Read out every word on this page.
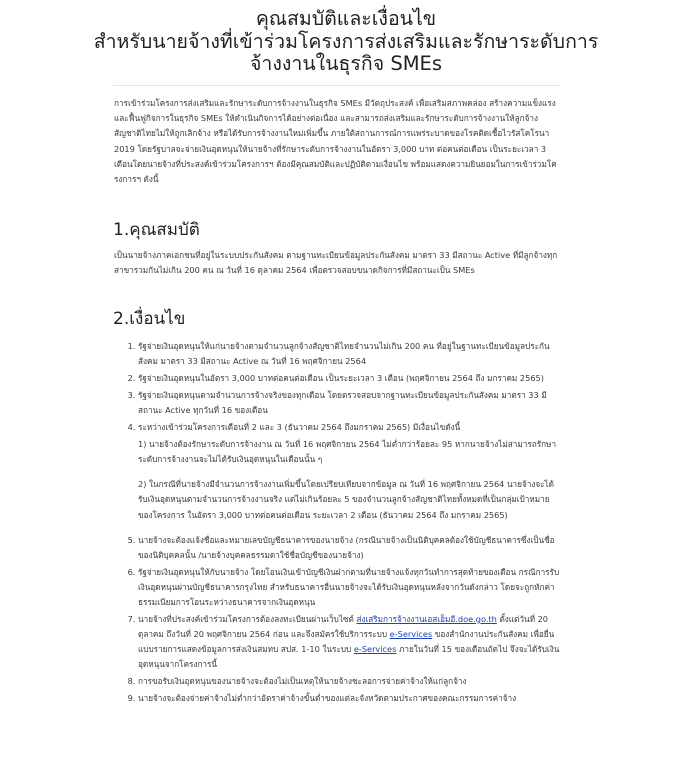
คุณสมบัติและเงื่อนไข
สำหรับนายจ้างที่เข้าร่วมโครงการส่งเสริมและรักษาระดับการ
จ้างงานในธุรกิจ SMEs
การเข้าร่วมโครงการส่งเสริมและรักษาระดับการจ้างงานในธุรกิจ SMEs มีวัตถุประสงค์ เพื่อเสริมสภาพคล่อง สร้างความแข็งแรงและฟื้นฟูกิจการในธุรกิจ SMEs ให้ดำเนินกิจการได้อย่างต่อเนื่อง และสามารถส่งเสริมและรักษาระดับการจ้างงานให้ลูกจ้างสัญชาติไทยไม่ให้ถูกเลิกจ้าง หรือได้รับการจ้างงานใหม่เพิ่มขึ้น ภายใต้สถานการณ์การแพร่ระบาดของโรคติดเชื้อไวรัสโคโรนา 2019 โดยรัฐบาลจะจ่ายเงินอุดหนุนให้นายจ้างที่รักษาระดับการจ้างงานในอัตรา 3,000 บาท ต่อคนต่อเดือน เป็นระยะเวลา 3 เดือนโดยนายจ้างที่ประสงค์เข้าร่วมโครงการฯ ต้องมีคุณสมบัติและปฏิบัติตามเงื่อนไข พร้อมแสดงความยินยอมในการเข้าร่วมโครงการฯ ดังนี้
1.คุณสมบัติ
เป็นนายจ้างภาคเอกชนที่อยู่ในระบบประกันสังคม ตามฐานทะเบียนข้อมูลประกันสังคม มาตรา 33 มีสถานะ Active ที่มีลูกจ้างทุกสาขารวมกันไม่เกิน 200 คน ณ วันที่ 16 ตุลาคม 2564 เพื่อตรวจสอบขนาดกิจการที่มีสถานะเป็น SMEs
2.เงื่อนไข
1. รัฐจ่ายเงินอุดหนุนให้แก่นายจ้างตามจำนวนลูกจ้างสัญชาติไทยจำนวนไม่เกิน 200 คน ที่อยู่ในฐานทะเบียนข้อมูลประกันสังคม มาตรา 33 มีสถานะ Active ณ วันที่ 16 พฤศจิกายน 2564
2. รัฐจ่ายเงินอุดหนุนในอัตรา 3,000 บาทต่อคนต่อเดือน เป็นระยะเวลา 3 เดือน (พฤศจิกายน 2564 ถึง มกราคม 2565)
3. รัฐจ่ายเงินอุดหนุนตามจำนวนการจ้างจริงของทุกเดือน โดยตรวจสอบจากฐานทะเบียนข้อมูลประกันสังคม มาตรา 33 มีสถานะ Active ทุกวันที่ 16 ของเดือน
4. ระหว่างเข้าร่วมโครงการเดือนที่ 2 และ 3 (ธันวาคม 2564 ถึงมกราคม 2565) มีเงื่อนไขดังนี้

1) นายจ้างต้องรักษาระดับการจ้างงาน ณ วันที่ 16 พฤศจิกายน 2564 ไม่ต่ำกว่าร้อยละ 95 หากนายจ้างไม่สามารถรักษาระดับการจ้างงานจะไม่ได้รับเงินอุดหนุนในเดือนนั้น ๆ

2) ในกรณีที่นายจ้างมีจำนวนการจ้างงานเพิ่มขึ้นโดยเปรียบเทียบจากข้อมูล ณ วันที่ 16 พฤศจิกายน 2564 นายจ้างจะได้รับเงินอุดหนุนตามจำนวนการจ้างงานจริง แต่ไม่เกินร้อยละ 5 ของจำนวนลูกจ้างสัญชาติไทยทั้งหมดที่เป็นกลุ่มเป้าหมายของโครงการ ในอัตรา 3,000 บาทต่อคนต่อเดือน ระยะเวลา 2 เดือน (ธันวาคม 2564 ถึง มกราคม 2565)

5. นายจ้างจะต้องแจ้งชื่อและหมายเลขบัญชีธนาคารของนายจ้าง (กรณีนายจ้างเป็นนิติบุคคลต้องใช้บัญชีธนาคารซึ่งเป็นชื่อของนิติบุคคลนั้น /นายจ้างบุคคลธรรมดาใช้ชื่อบัญชีของนายจ้าง)
6. รัฐจ่ายเงินอุดหนุนให้กับนายจ้าง โดยโอนเงินเข้าบัญชีเงินฝากตามที่นายจ้างแจ้งทุกวันทำการสุดท้ายของเดือน กรณีการรับเงินอุดหนุนผ่านบัญชีธนาคารกรุงไทย สำหรับธนาคารอื่นนายจ้างจะได้รับเงินอุดหนุนหลังจากวันดังกล่าว โดยจะถูกหักค่าธรรมเนียมการโอนระหว่างธนาคารจากเงินอุดหนุน
7. นายจ้างที่ประสงค์เข้าร่วมโครงการต้องลงทะเบียนผ่านเว็บไซต์ ส่งเสริมการจ้างงานเอสเอ็มอี.doe.go.th ตั้งแต่วันที่ 20 ตุลาคม ถึงวันที่ 20 พฤศจิกายน 2564 ก่อน และจึงสมัครใช้บริการระบบ e-Services ของสำนักงานประกันสังคม เพื่อยื่นแบบรายการแสดงข้อมูลการส่งเงินสมทบ สปส. 1-10 ในระบบ e-Services ภายในวันที่ 15 ของเดือนถัดไป จึงจะได้รับเงินอุดหนุนจากโครงการนี้
8. การขอรับเงินอุดหนุนของนายจ้างจะต้องไม่เป็นเหตุให้นายจ้างชะลอการจ่ายค่าจ้างให้แก่ลูกจ้าง
9. นายจ้างจะต้องจ่ายค่าจ้างไม่ต่ำกว่าอัตราค่าจ้างขั้นต่ำของแต่ละจังหวัดตามประกาศของคณะกรรมการค่าจ้าง
